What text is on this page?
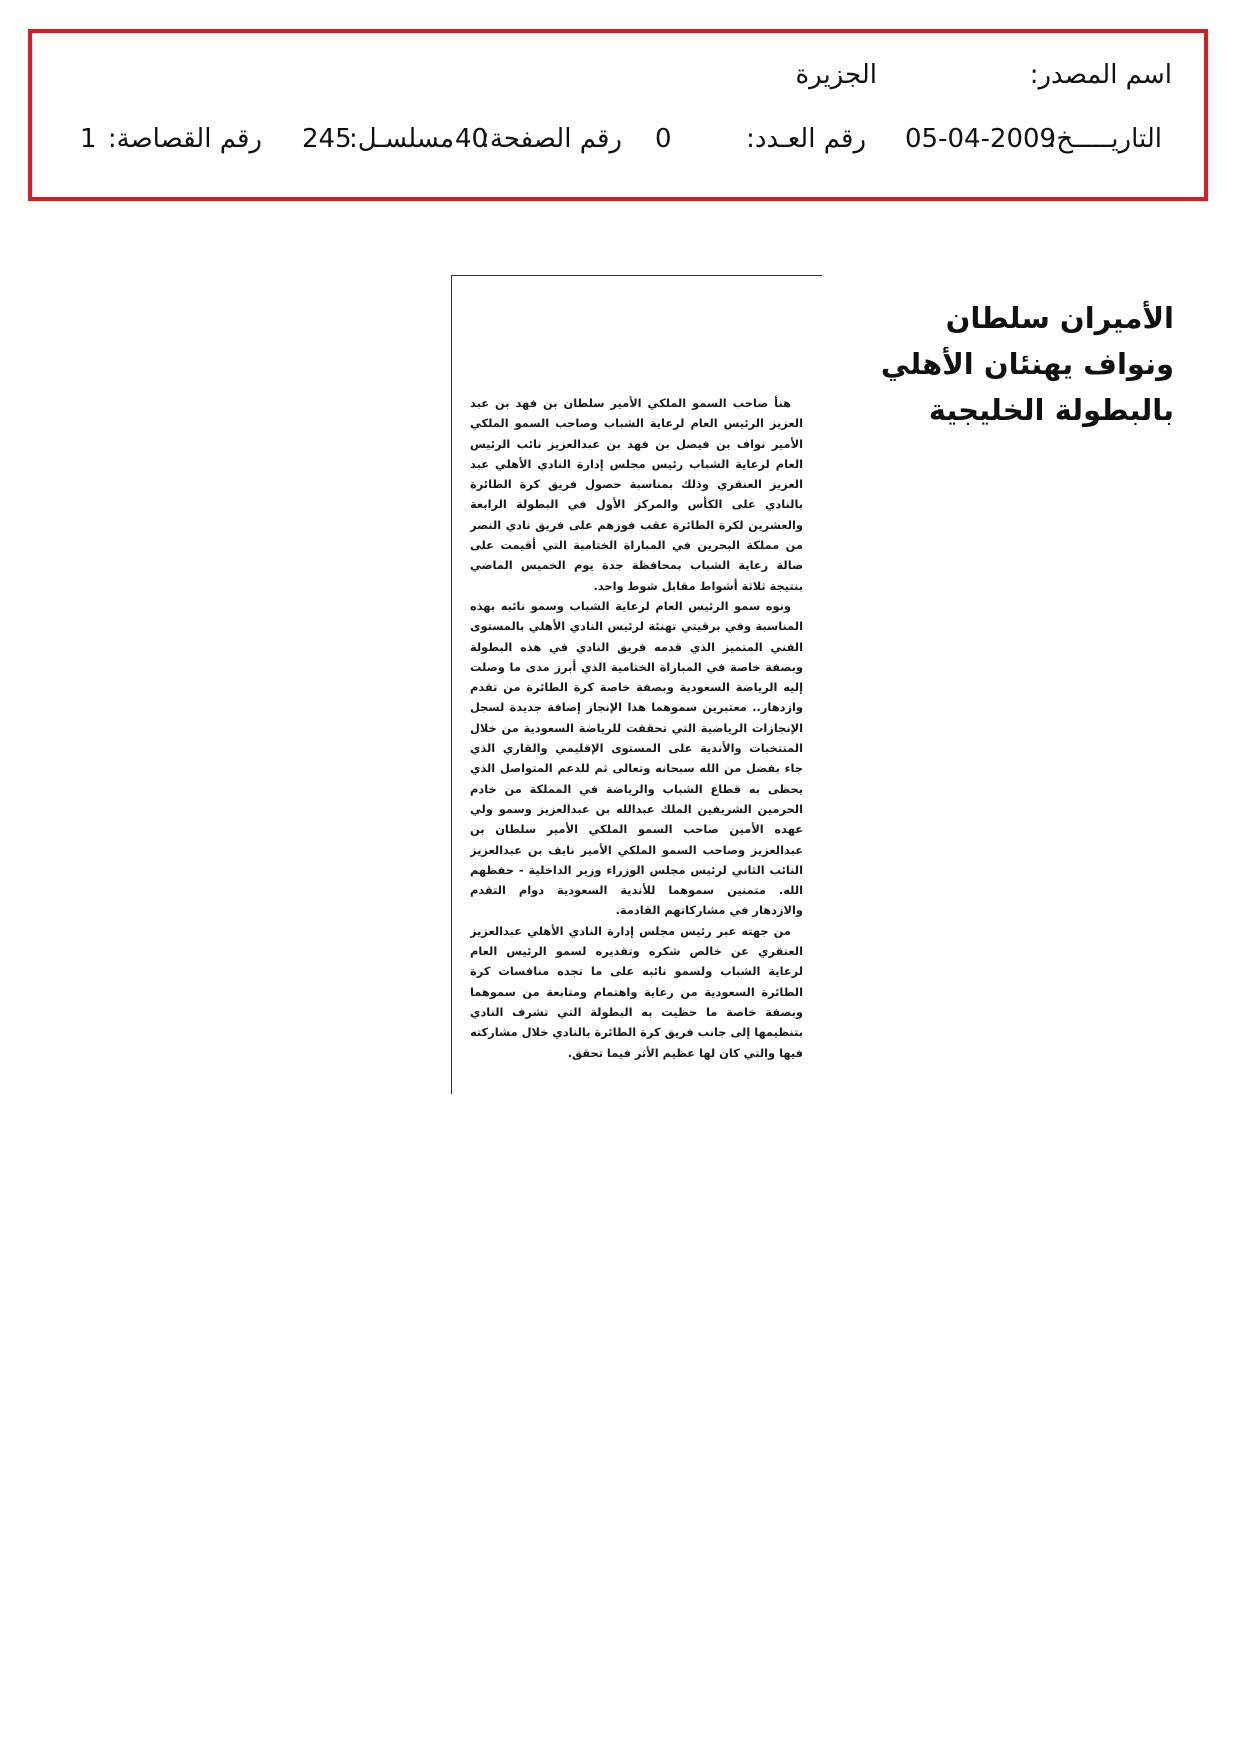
اسم المصدر:
الجزيرة
التاريـــــخ:
05-04-2009
رقم العـدد:
0
رقم الصفحة:
40
مسلسـل:
245
رقم القصاصة:
1
الأميران سلطان ونواف يهنئان الأهلي بالبطولة الخليجية

هنأ صاحب السمو الملكي الأمير سلطان بن فهد بن عبد العزيز الرئيس العام لرعاية الشباب وصاحب السمو الملكي الأمير نواف بن فيصل بن فهد بن عبدالعزيز نائب الرئيس العام لرعاية الشباب رئيس مجلس إدارة النادي الأهلي عبد العزيز العنقري وذلك بمناسبة حصول فريق كرة الطائرة بالنادي على الكأس والمركز الأول في البطولة الرابعة والعشرين لكرة الطائرة عقب فوزهم على فريق نادي النصر من مملكة البحرين في المباراة الختامية التي أقيمت على صالة رعاية الشباب بمحافظة جدة يوم الخميس الماضي بنتيجة ثلاثة أشواط مقابل شوط واحد.

ونوه سمو الرئيس العام لرعاية الشباب وسمو نائبه بهذه المناسبة وفي برقيتي تهنئة لرئيس النادي الأهلي بالمستوى الفني المتميز الذي قدمه فريق النادي في هذه البطولة وبصفة خاصة في المباراة الختامية الذي أبرز مدى ما وصلت إليه الرياضة السعودية وبصفة خاصة كرة الطائرة من تقدم وازدهار.. معتبرين سموهما هذا الإنجاز إضافة جديدة لسجل الإنجازات الرياضية التي تحققت للرياضة السعودية من خلال المنتخبات والأندية على المستوى الإقليمي والقاري الذي جاء بفضل من الله سبحانه وتعالى ثم للدعم المتواصل الذي يحظى به قطاع الشباب والرياضة في المملكة من خادم الحرمين الشريفين الملك عبدالله بن عبدالعزيز وسمو ولي عهده الأمين صاحب السمو الملكي الأمير سلطان بن عبدالعزيز وصاحب السمو الملكي الأمير نايف بن عبدالعزيز النائب الثاني لرئيس مجلس الوزراء وزير الداخلية - حفظهم الله. متمنين سموهما للأندية السعودية دوام التقدم والازدهار في مشاركاتهم القادمة.

من جهته عبر رئيس مجلس إدارة النادي الأهلي عبدالعزيز العنقري عن خالص شكره وتقديره لسمو الرئيس العام لرعاية الشباب ولسمو نائبه على ما تجده منافسات كرة الطائرة السعودية من رعاية واهتمام ومتابعة من سموهما وبصفة خاصة ما حظيت به البطولة التي تشرف النادي بتنظيمها إلى جانب فريق كرة الطائرة بالنادي خلال مشاركته فيها والتي كان لها عظيم الأثر فيما تحقق.
